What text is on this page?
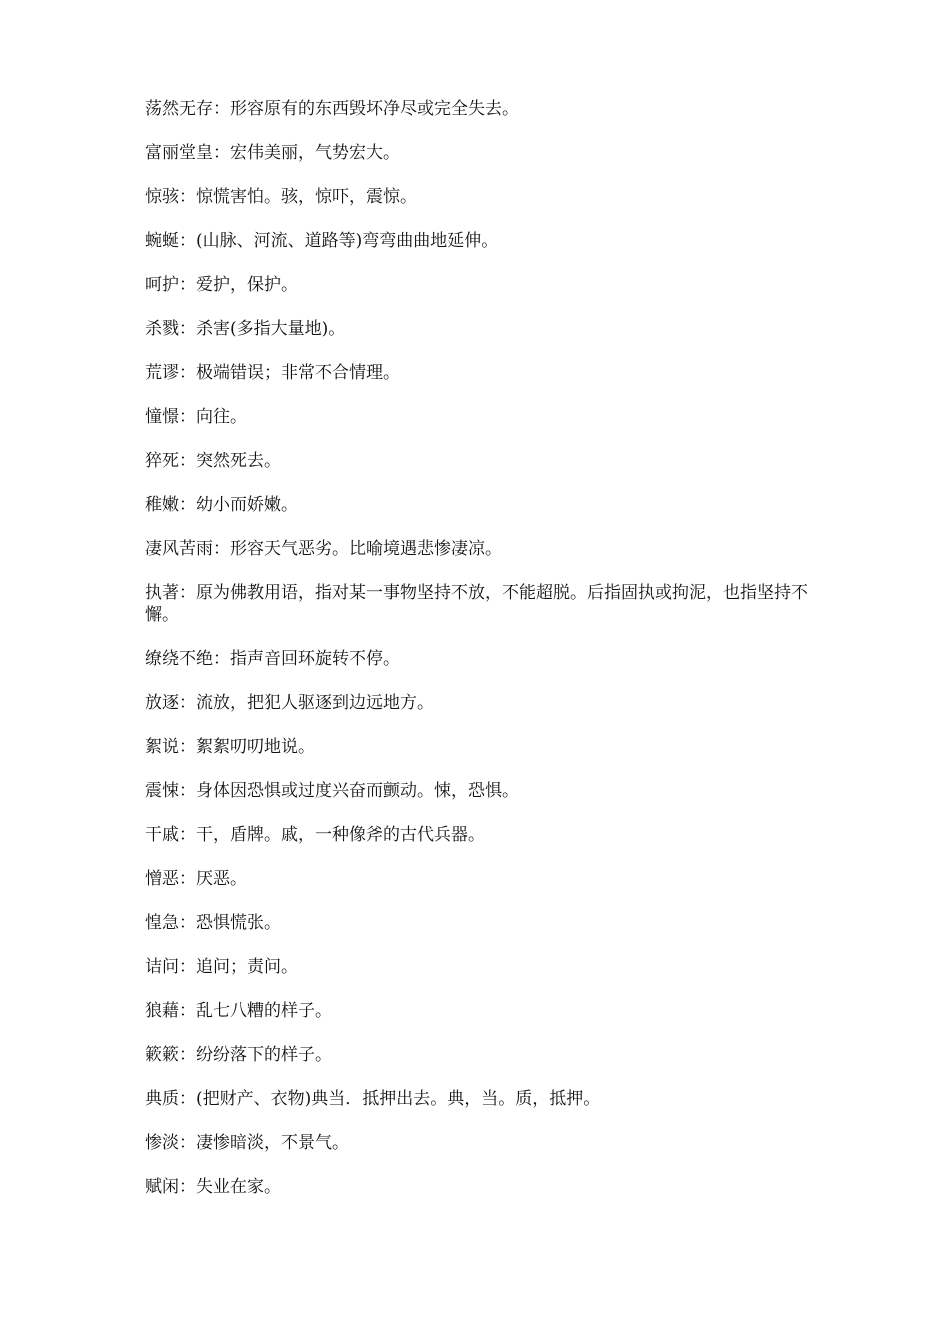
荡然无存：形容原有的东西毁坏净尽或完全失去。
富丽堂皇：宏伟美丽，气势宏大。
惊骇：惊慌害怕。骇，惊吓，震惊。
蜿蜒：(山脉、河流、道路等)弯弯曲曲地延伸。
呵护：爱护，保护。
杀戮：杀害(多指大量地)。
荒谬：极端错误；非常不合情理。
憧憬：向往。
猝死：突然死去。
稚嫩：幼小而娇嫩。
凄风苦雨：形容天气恶劣。比喻境遇悲惨凄凉。
执著：原为佛教用语，指对某一事物坚持不放，不能超脱。后指固执或拘泥，也指坚持不懈。
缭绕不绝：指声音回环旋转不停。
放逐：流放，把犯人驱逐到边远地方。
絮说：絮絮叨叨地说。
震悚：身体因恐惧或过度兴奋而颤动。悚，恐惧。
干戚：干，盾牌。戚，一种像斧的古代兵器。
憎恶：厌恶。
惶急：恐惧慌张。
诘问：追问；责问。
狼藉：乱七八糟的样子。
簌簌：纷纷落下的样子。
典质：(把财产、衣物)典当．抵押出去。典，当。质，抵押。
惨淡：凄惨暗淡，不景气。
赋闲：失业在家。
